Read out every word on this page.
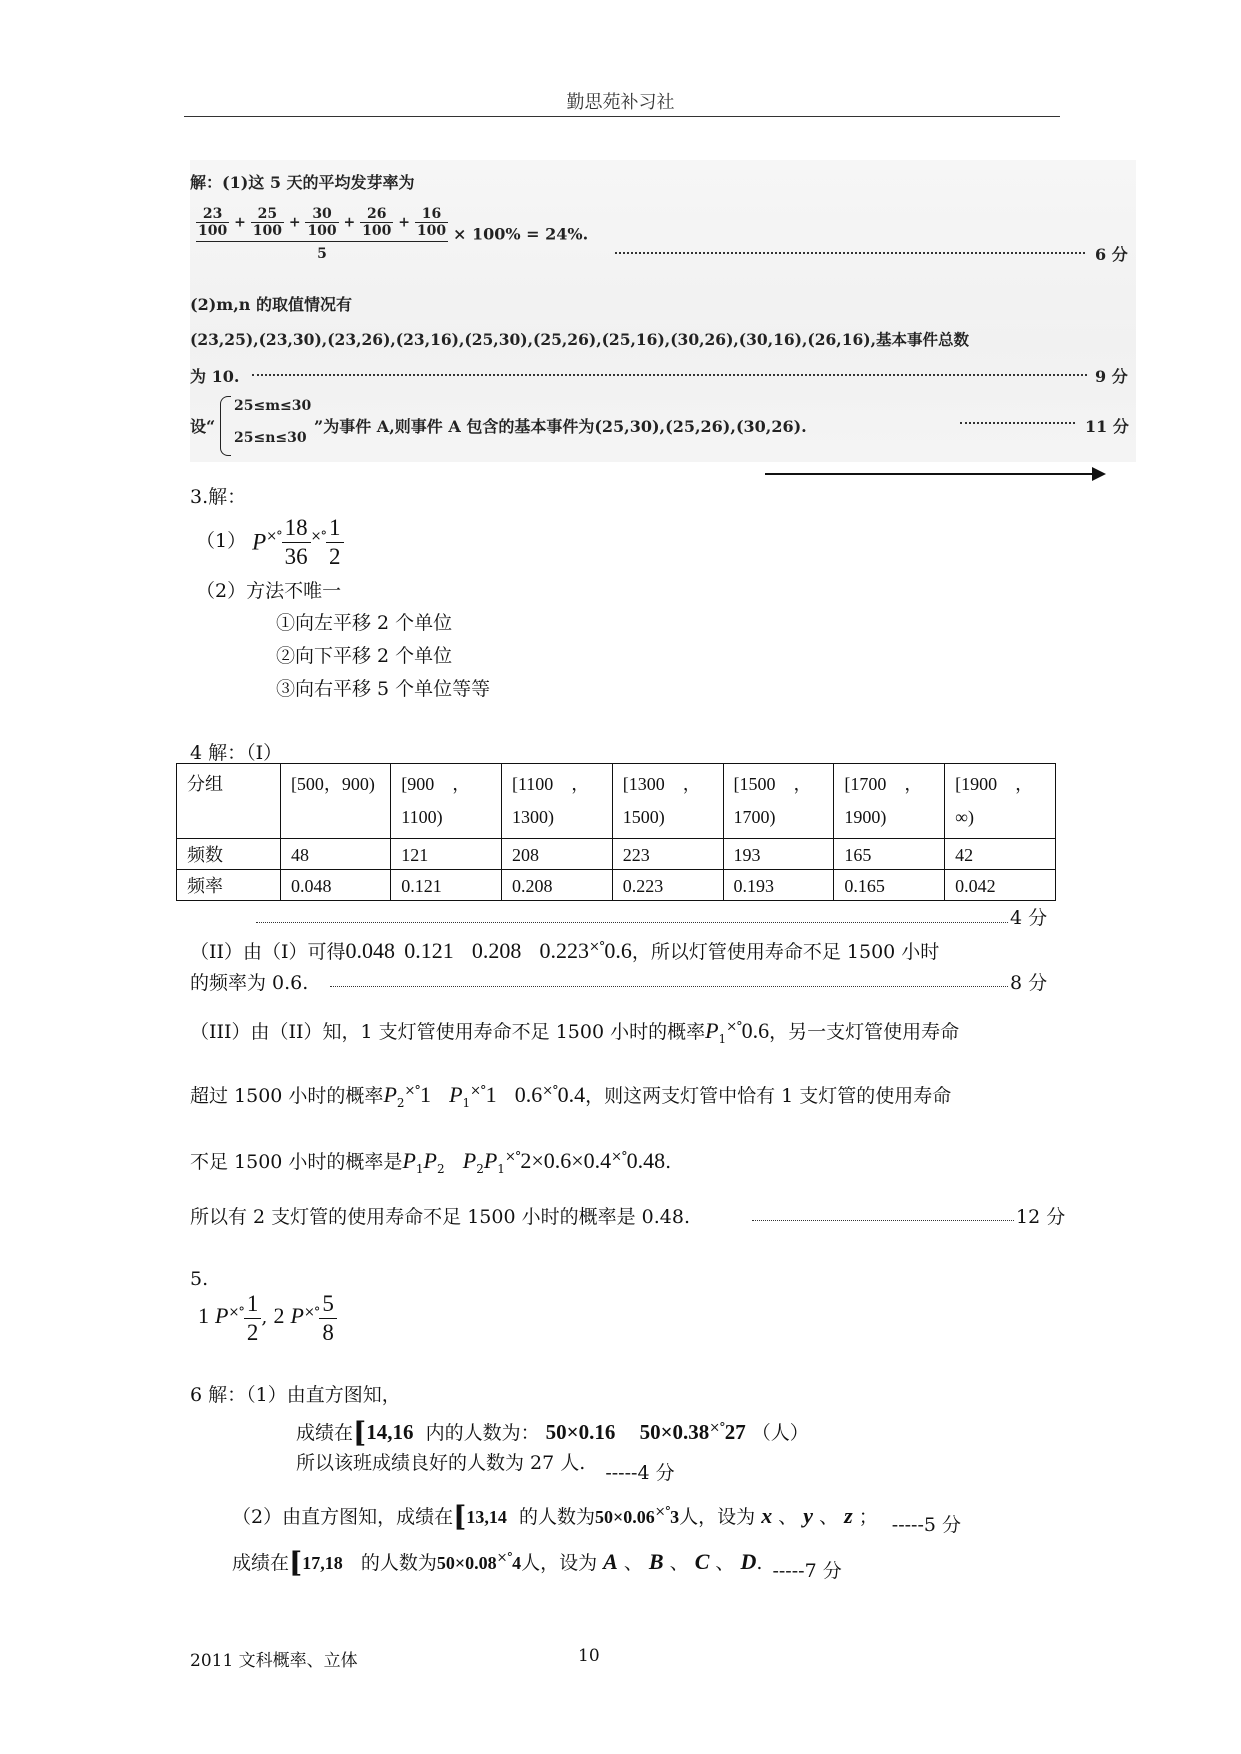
勤思苑补习社
解：(1)这 5 天的平均发芽率为
$\frac{23}{100} + \frac{25}{100} + \frac{30}{100} + \frac{26}{100} + \frac{16}{100}$
5
× 100% = 24%.
6 分
(2)m,n 的取值情况有
(23,25),(23,30),(23,26),(23,16),(25,30),(25,26),(25,16),(30,26),(30,16),(26,16),基本事件总数
为 10.	9 分
设“
25≤m≤30
25≤n≤30
”为事件 A,则事件 A 包含的基本事件为(25,30),(25,26),(30,26).	11 分
3.解：
（1） $P^{\times^\circ} \frac{18}{36} ^{\times^\circ} \frac{1}{2}$
（2）方法不唯一
①向左平移 2 个单位
②向下平移 2 个单位
③向右平移 5 个单位等等
4 解：（I）
分组	[500，900)	[900　，1100)	[1100　，1300)	[1300　，1500)	[1500　，1700)	[1700　，1900)	[1900　，∞)
频数	48	121	208	223	193	165	42
频率	0.048	0.121	0.208	0.223	0.193	0.165	0.042
4 分
（II）由（I）可得0.048 0.121 0.208 0.223×°0.6，所以灯管使用寿命不足 1500 小时
的频率为 0.6.	8 分
（III）由（II）知，1 支灯管使用寿命不足 1500 小时的概率$P_1^{\times^\circ}0.6$，另一支灯管使用寿命
超过 1500 小时的概率$P_2^{\times^\circ}1$ $P_1^{\times^\circ}1$ 0.6×°0.4，则这两支灯管中恰有 1 支灯管的使用寿命
不足 1500 小时的概率是$P_1P_2$ $P_2P_1^{\times^\circ}2\times 0.6\times 0.4^{\times^\circ}0.48$.
所以有 2 支灯管的使用寿命不足 1500 小时的概率是 0.48.	12 分
5.
1 $P^{\times^\circ} \frac{1}{2}$ , 2 $P^{\times^\circ} \frac{5}{8}$
6 解：（1）由直方图知，
成绩在[14,16 内的人数为： 50×0.16 50×0.38×°27 （人）
所以该班成绩良好的人数为 27 人. -----4 分
（2）由直方图知，成绩在[13,14 的人数为50×0.06×°3人，设为 x 、 y 、 z ； -----5 分
成绩在[17,18 的人数为50×0.08×°4人，设为 A 、 B 、 C 、 D. -----7 分
2011 文科概率、立体	10
